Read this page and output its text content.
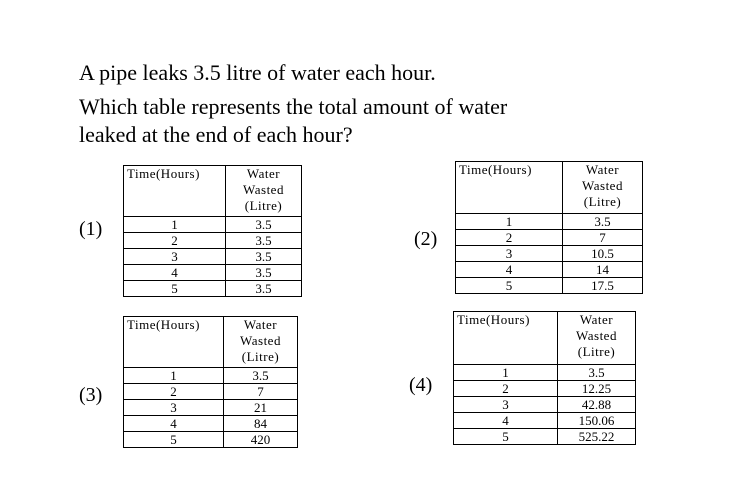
A pipe leaks 3.5 litre of water each hour.
Which table represents the total amount of water
leaked at the end of each hour?
(1)
Time(Hours)	Water
Wasted
(Litre)

1	3.5
2	3.5
3	3.5
4	3.5
5	3.5
(2)
Time(Hours)	Water
Wasted
(Litre)

1	3.5
2	7
3	10.5
4	14
5	17.5
(3)
Time(Hours)	Water
Wasted
(Litre)

1	3.5
2	7
3	21
4	84
5	420
(4)
Time(Hours)	Water
Wasted
(Litre)

1	3.5
2	12.25
3	42.88
4	150.06
5	525.22
